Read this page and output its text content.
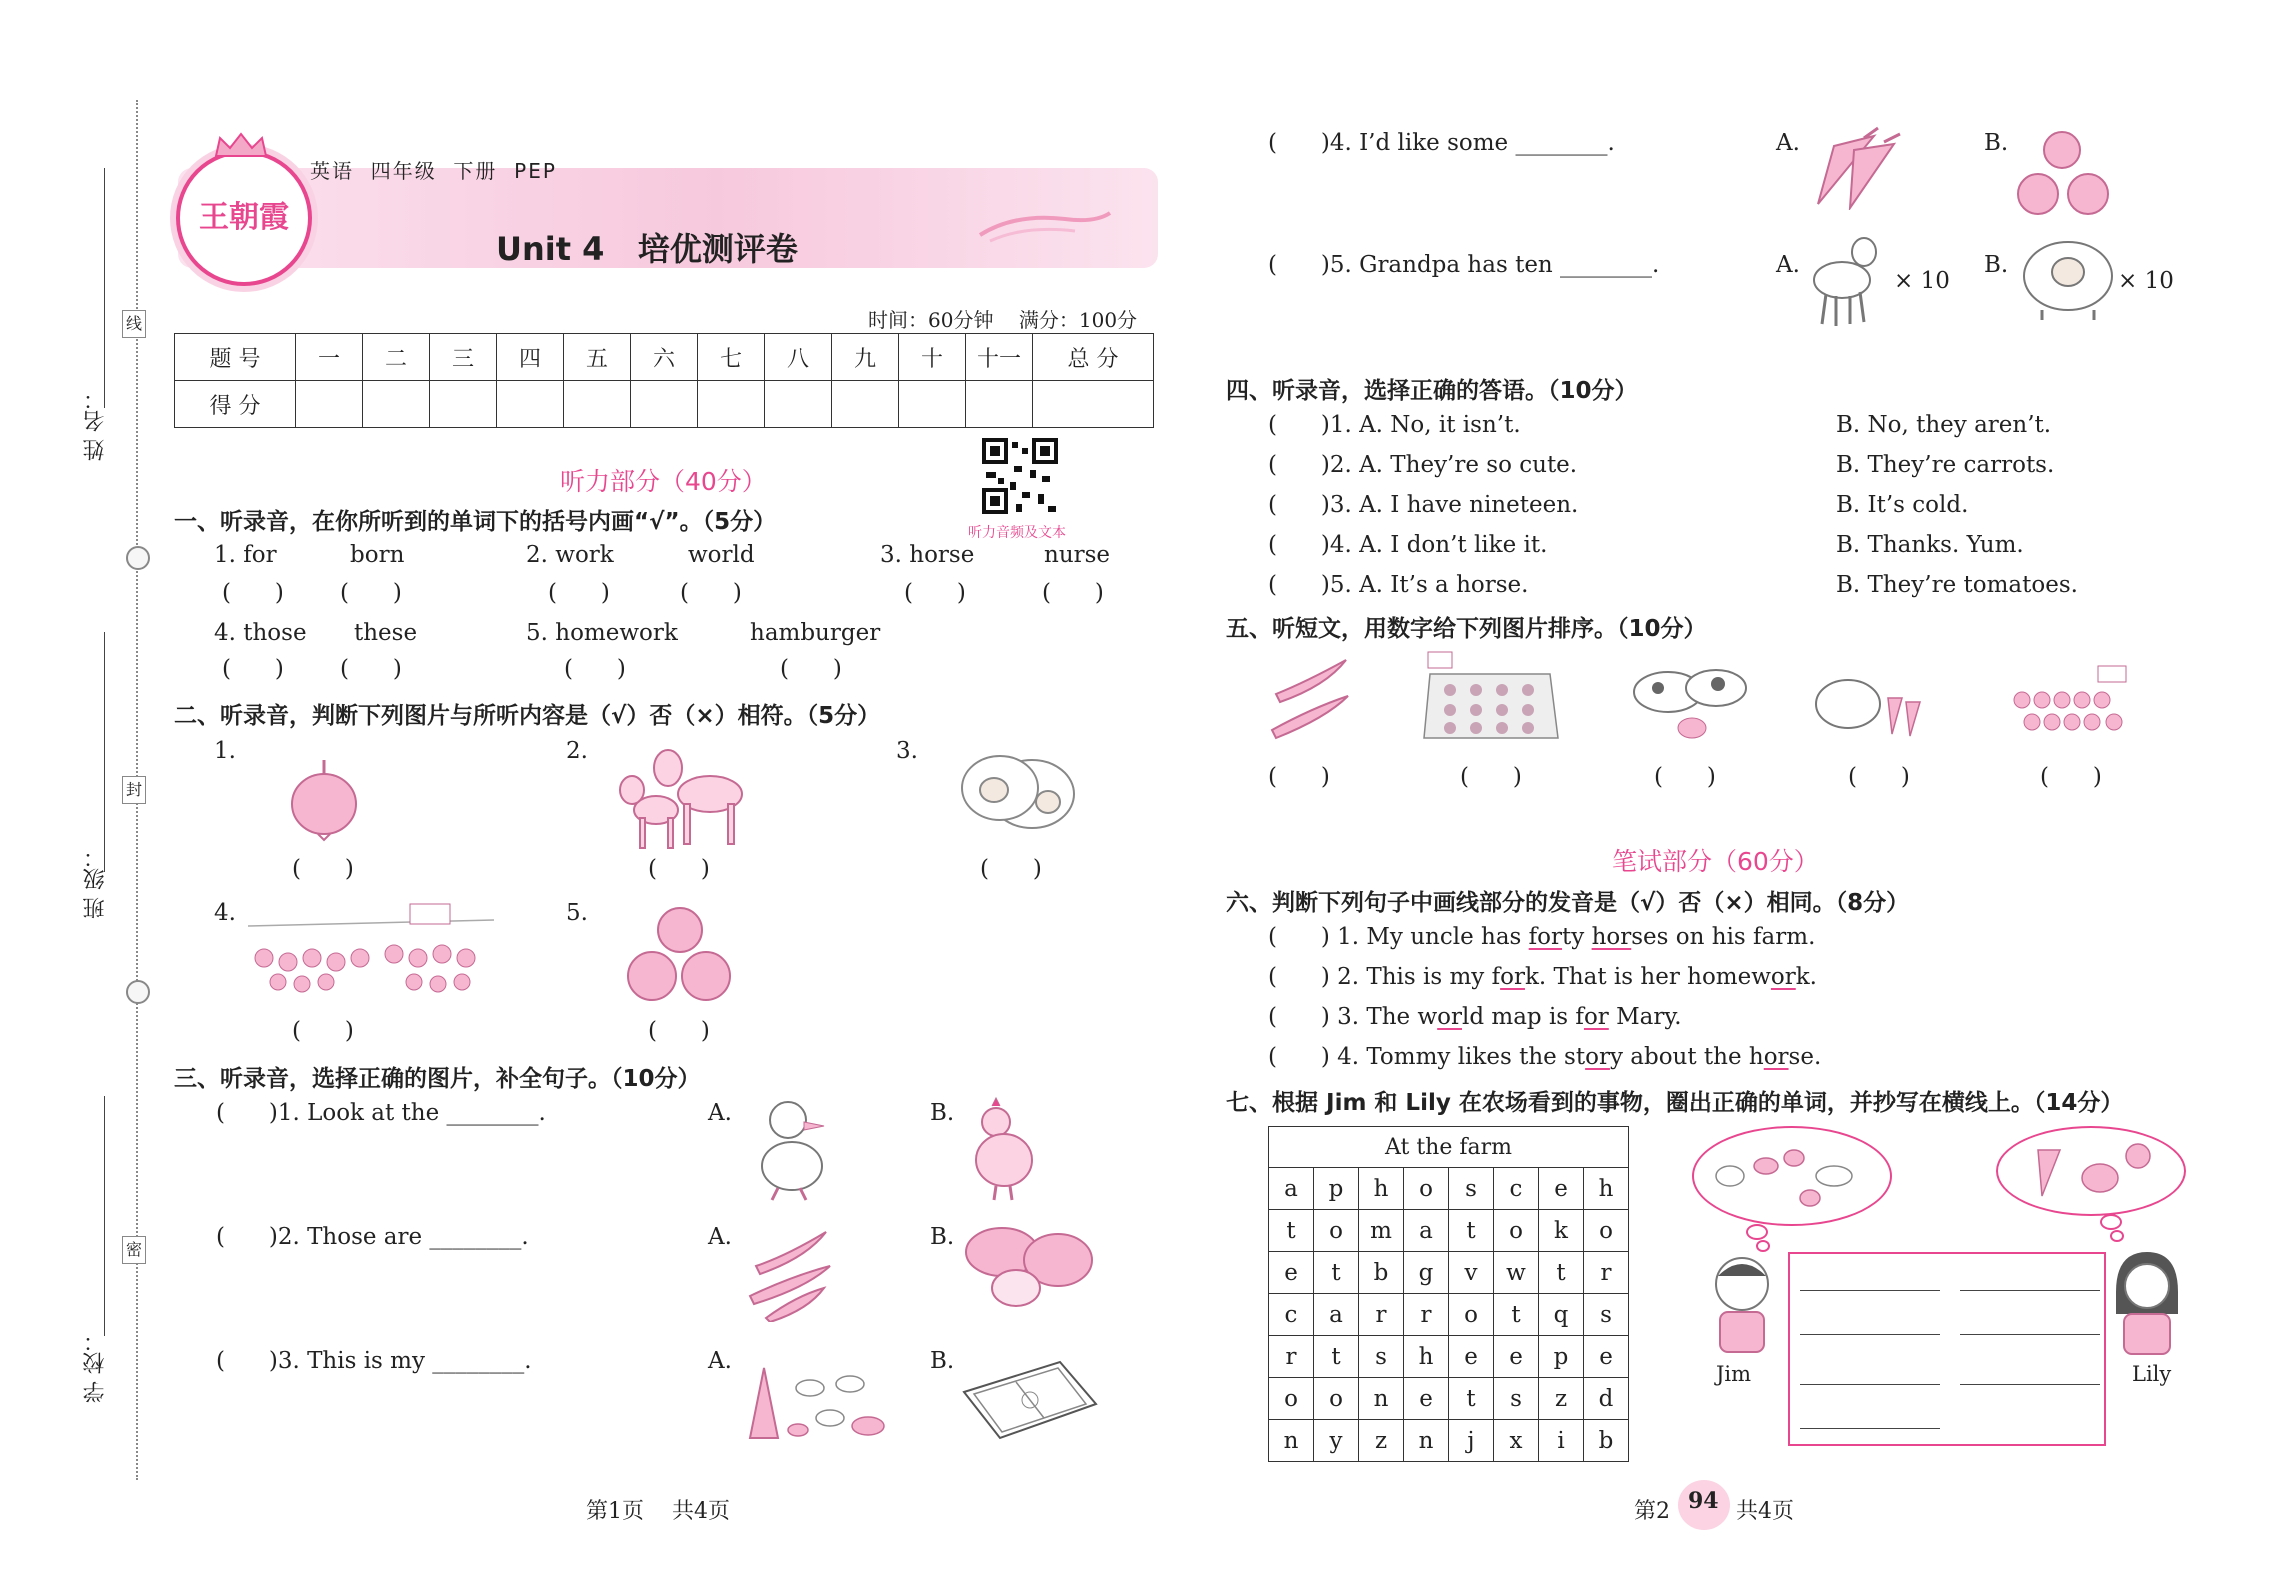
姓 名：
班 级：
学 校：
线
封
密
王朝霞
英语  四年级  下册  PEP
Unit 4   培优测评卷
时间：60分钟    满分：100分
题 号	一	二	三	四	五	六	七	八	九	十	十一	总 分
得 分												
听力部分（40分）
听力音频及文本
一、听录音，在你所听到的单词下的括号内画“√”。（5分）
1. for	born	2. work	world	3. horse	nurse
(      ) (      )	(      )	(      )	(      )	(      )
4. those these	5. homework	hamburger
(      ) (      )	(      )	(      )
二、听录音，判断下列图片与所听内容是（√）否（×）相符。（5分）
1.	2.	3.
(      )	(      )	(      )
4.	5.
(      )	(      )
三、听录音，选择正确的图片，补全句子。（10分）
(      )1. Look at the ________.	A.	B.
(      )2. Those are ________.	A.	B.
(      )3. This is my ________.	A.	B.
(      )4. I’d like some ________.	A.	B.
(      )5. Grandpa has ten ________.	A.	B.
× 10	× 10
四、听录音，选择正确的答语。（10分）
(      )1. A. No, it isn’t.	B. No, they aren’t.
(      )2. A. They’re so cute.	B. They’re carrots.
(      )3. A. I have nineteen.	B. It’s cold.
(      )4. A. I don’t like it.	B. Thanks. Yum.
(      )5. A. It’s a horse.	B. They’re tomatoes.
五、听短文，用数字给下列图片排序。（10分）
(      )	(      )	(      )	(      )	(      )
笔试部分（60分）
六、判断下列句子中画线部分的发音是（√）否（×）相同。（8分）
(      ) 1. My uncle has forty horses on his farm.
(      ) 2. This is my fork. That is her homework.
(      ) 3. The world map is for Mary.
(      ) 4. Tommy likes the story about the horse.
七、根据 Jim 和 Lily 在农场看到的事物，圈出正确的单词，并抄写在横线上。（14分）
At the farm							
a	p	h	o	s	c	e	h
t	o	m	a	t	o	k	o
e	t	b	g	v	w	t	r
c	a	r	r	o	t	q	s
r	t	s	h	e	e	p	e
o	o	n	e	t	s	z	d
n	y	z	n	j	x	i	b
Jim	Lily
第1页    共4页	第2 94 共4页
